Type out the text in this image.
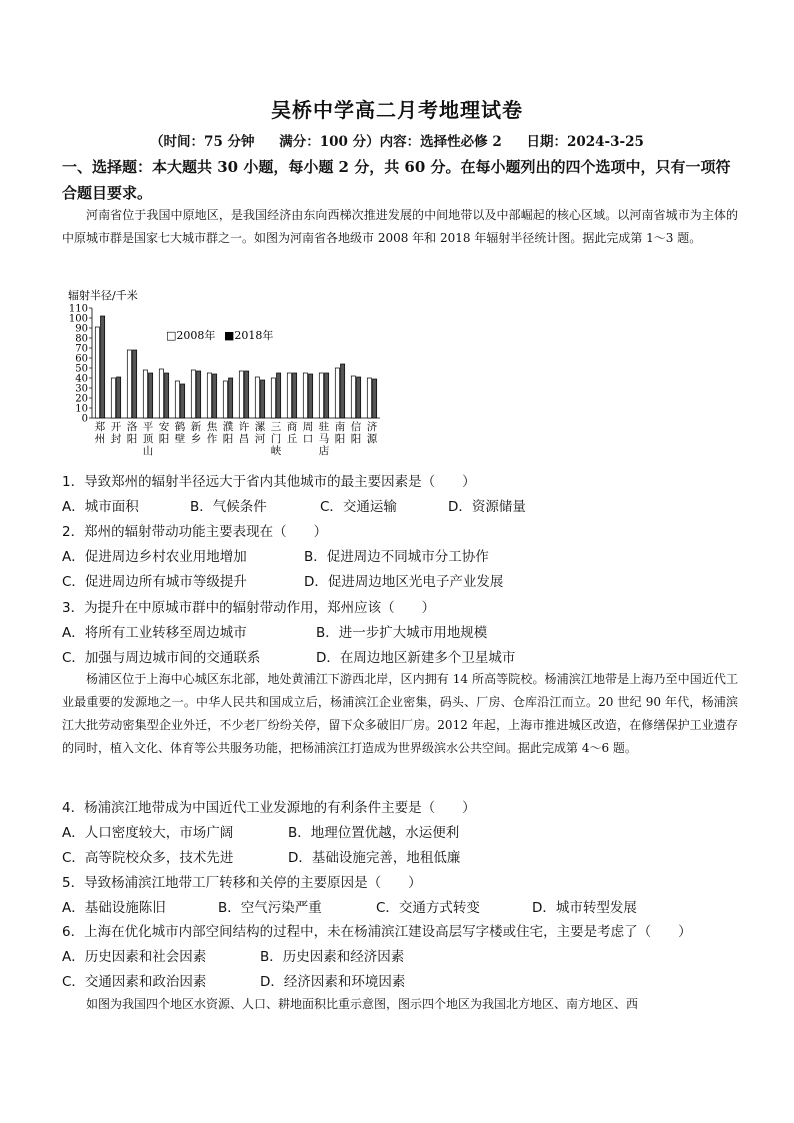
吴桥中学高二月考地理试卷
（时间：75 分钟 满分：100 分）内容：选择性必修 2 日期：2024-3-25
一、选择题：本大题共 30 小题，每小题 2 分，共 60 分。在每小题列出的四个选项中，只有一项符合题目要求。

河南省位于我国中原地区，是我国经济由东向西梯次推进发展的中间地带以及中部崛起的核心区域。以河南省城市为主体的中原城市群是国家七大城市群之一。如图为河南省各地级市 2008 年和 2018 年辐射半径统计图。据此完成第 1～3 题。

辐射半径/千米
110
100
90
80
70
60
50
40
30
20
10
0
郑
州
开
封
洛
阳
平
顶
山
安
阳
鹤
壁
新
乡
焦
作
濮
阳
许
昌
漯
河
三
门
峡
商
丘
周
口
驻
马
店
南
阳
信
阳
济
源
□2008年 ■2018年
1．导致郑州的辐射半径远大于省内其他城市的最主要因素是（　　）
A．城市面积	B．气候条件	C．交通运输	D．资源储量
2．郑州的辐射带动功能主要表现在（　　）
A．促进周边乡村农业用地增加	B．促进周边不同城市分工协作
C．促进周边所有城市等级提升	D．促进周边地区光电子产业发展
3．为提升在中原城市群中的辐射带动作用，郑州应该（　　）
A．将所有工业转移至周边城市	B．进一步扩大城市用地规模
C．加强与周边城市间的交通联系	D．在周边地区新建多个卫星城市

杨浦区位于上海中心城区东北部，地处黄浦江下游西北岸，区内拥有 14 所高等院校。杨浦滨江地带是上海乃至中国近代工业最重要的发源地之一。中华人民共和国成立后，杨浦滨江企业密集，码头、厂房、仓库沿江而立。20 世纪 90 年代，杨浦滨江大批劳动密集型企业外迁，不少老厂纷纷关停，留下众多破旧厂房。2012 年起，上海市推进城区改造，在修缮保护工业遗存的同时，植入文化、体育等公共服务功能，把杨浦滨江打造成为世界级滨水公共空间。据此完成第 4～6 题。

4．杨浦滨江地带成为中国近代工业发源地的有利条件主要是（　　）
A．人口密度较大，市场广阔	B．地理位置优越，水运便利
C．高等院校众多，技术先进	D．基础设施完善，地租低廉
5．导致杨浦滨江地带工厂转移和关停的主要原因是（　　）
A．基础设施陈旧	B．空气污染严重	C．交通方式转变	D．城市转型发展
6．上海在优化城市内部空间结构的过程中，未在杨浦滨江建设高层写字楼或住宅，主要是考虑了（　　）
A．历史因素和社会因素	B．历史因素和经济因素
C．交通因素和政治因素	D．经济因素和环境因素

如图为我国四个地区水资源、人口、耕地面积比重示意图，图示四个地区为我国北方地区、南方地区、西
